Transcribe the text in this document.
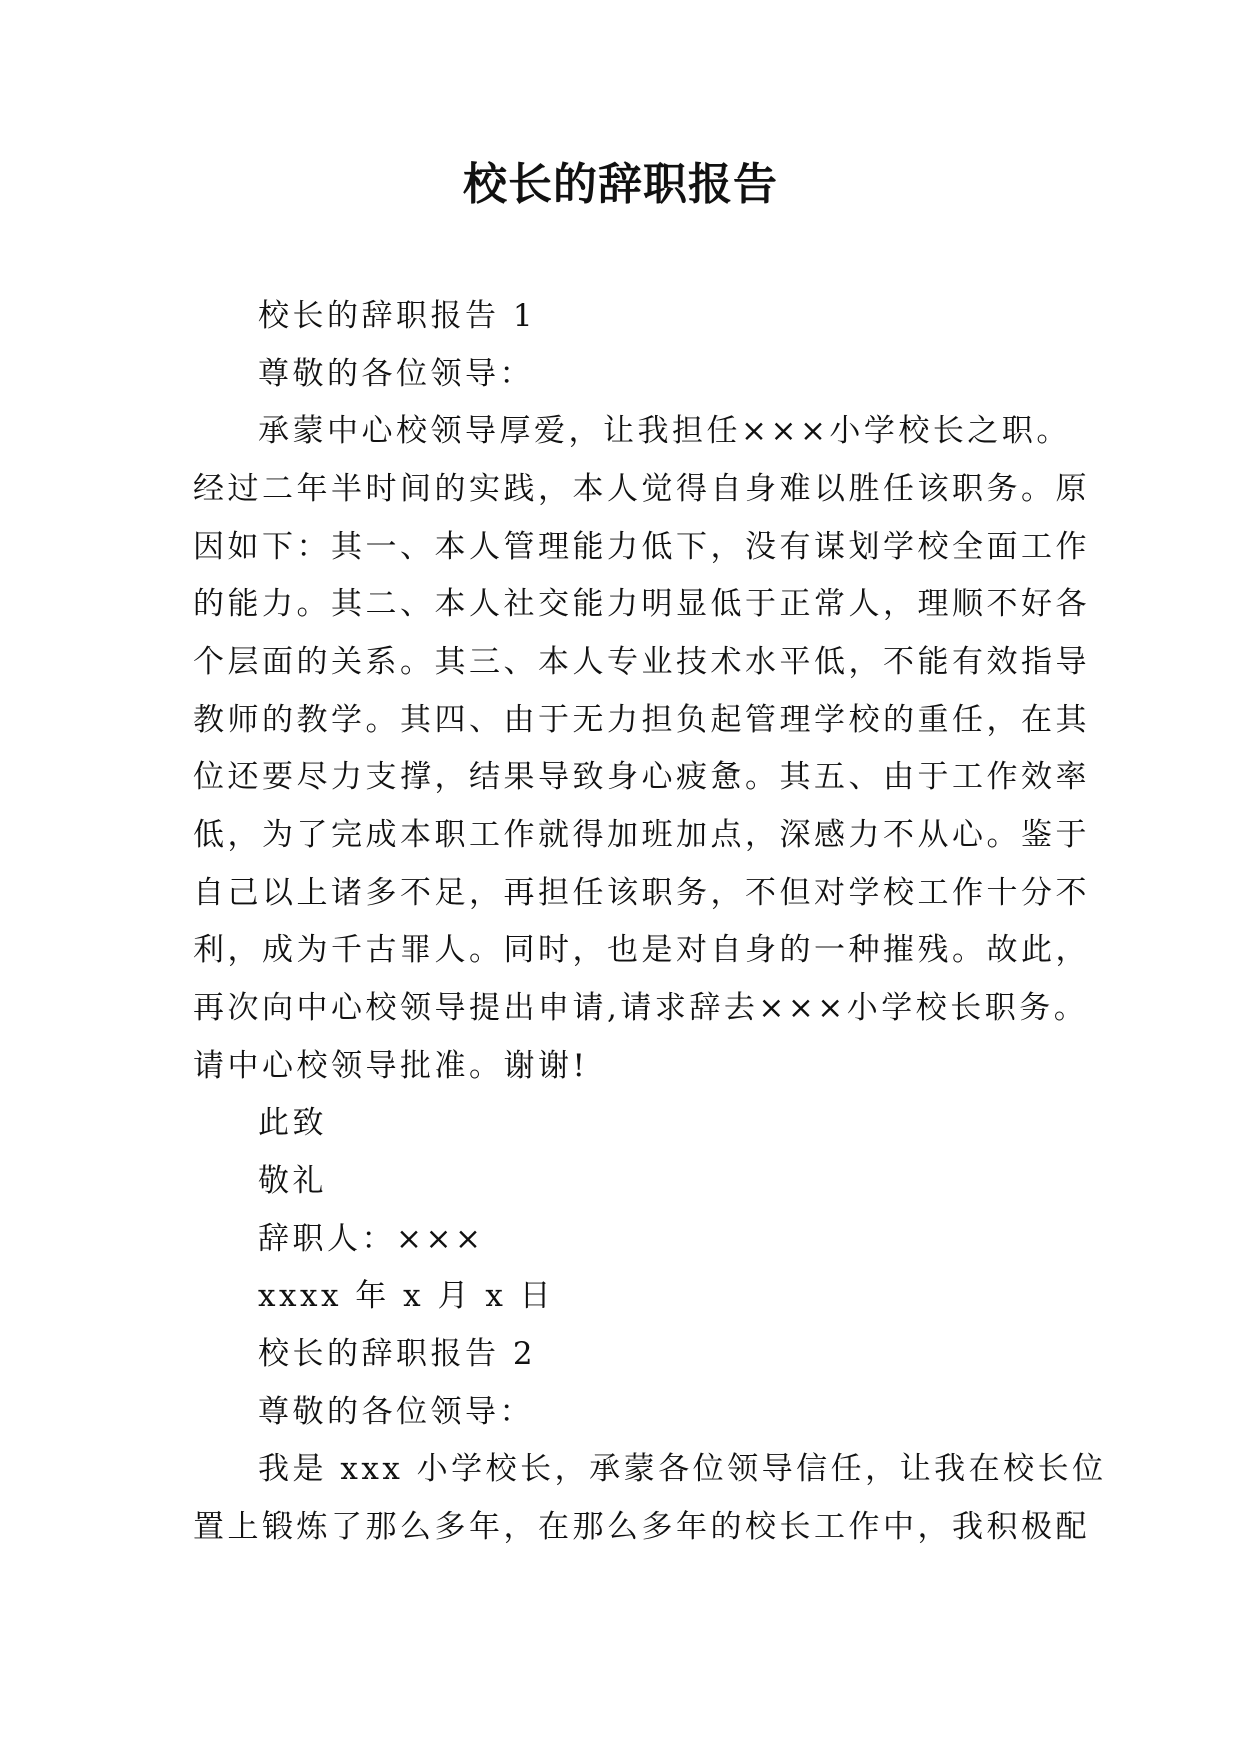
校长的辞职报告
校长的辞职报告 1
尊敬的各位领导：
承蒙中心校领导厚爱，让我担任×××小学校长之职。
经过二年半时间的实践，本人觉得自身难以胜任该职务。原
因如下：其一、本人管理能力低下，没有谋划学校全面工作
的能力。其二、本人社交能力明显低于正常人，理顺不好各
个层面的关系。其三、本人专业技术水平低，不能有效指导
教师的教学。其四、由于无力担负起管理学校的重任，在其
位还要尽力支撑，结果导致身心疲惫。其五、由于工作效率
低，为了完成本职工作就得加班加点，深感力不从心。鉴于
自己以上诸多不足，再担任该职务，不但对学校工作十分不
利，成为千古罪人。同时，也是对自身的一种摧残。故此，
再次向中心校领导提出申请,请求辞去×××小学校长职务。
请中心校领导批准。谢谢!
此致
敬礼
辞职人：×××
xxxx 年 x 月 x 日
校长的辞职报告 2
尊敬的各位领导：
我是 xxx 小学校长，承蒙各位领导信任，让我在校长位
置上锻炼了那么多年，在那么多年的校长工作中，我积极配
